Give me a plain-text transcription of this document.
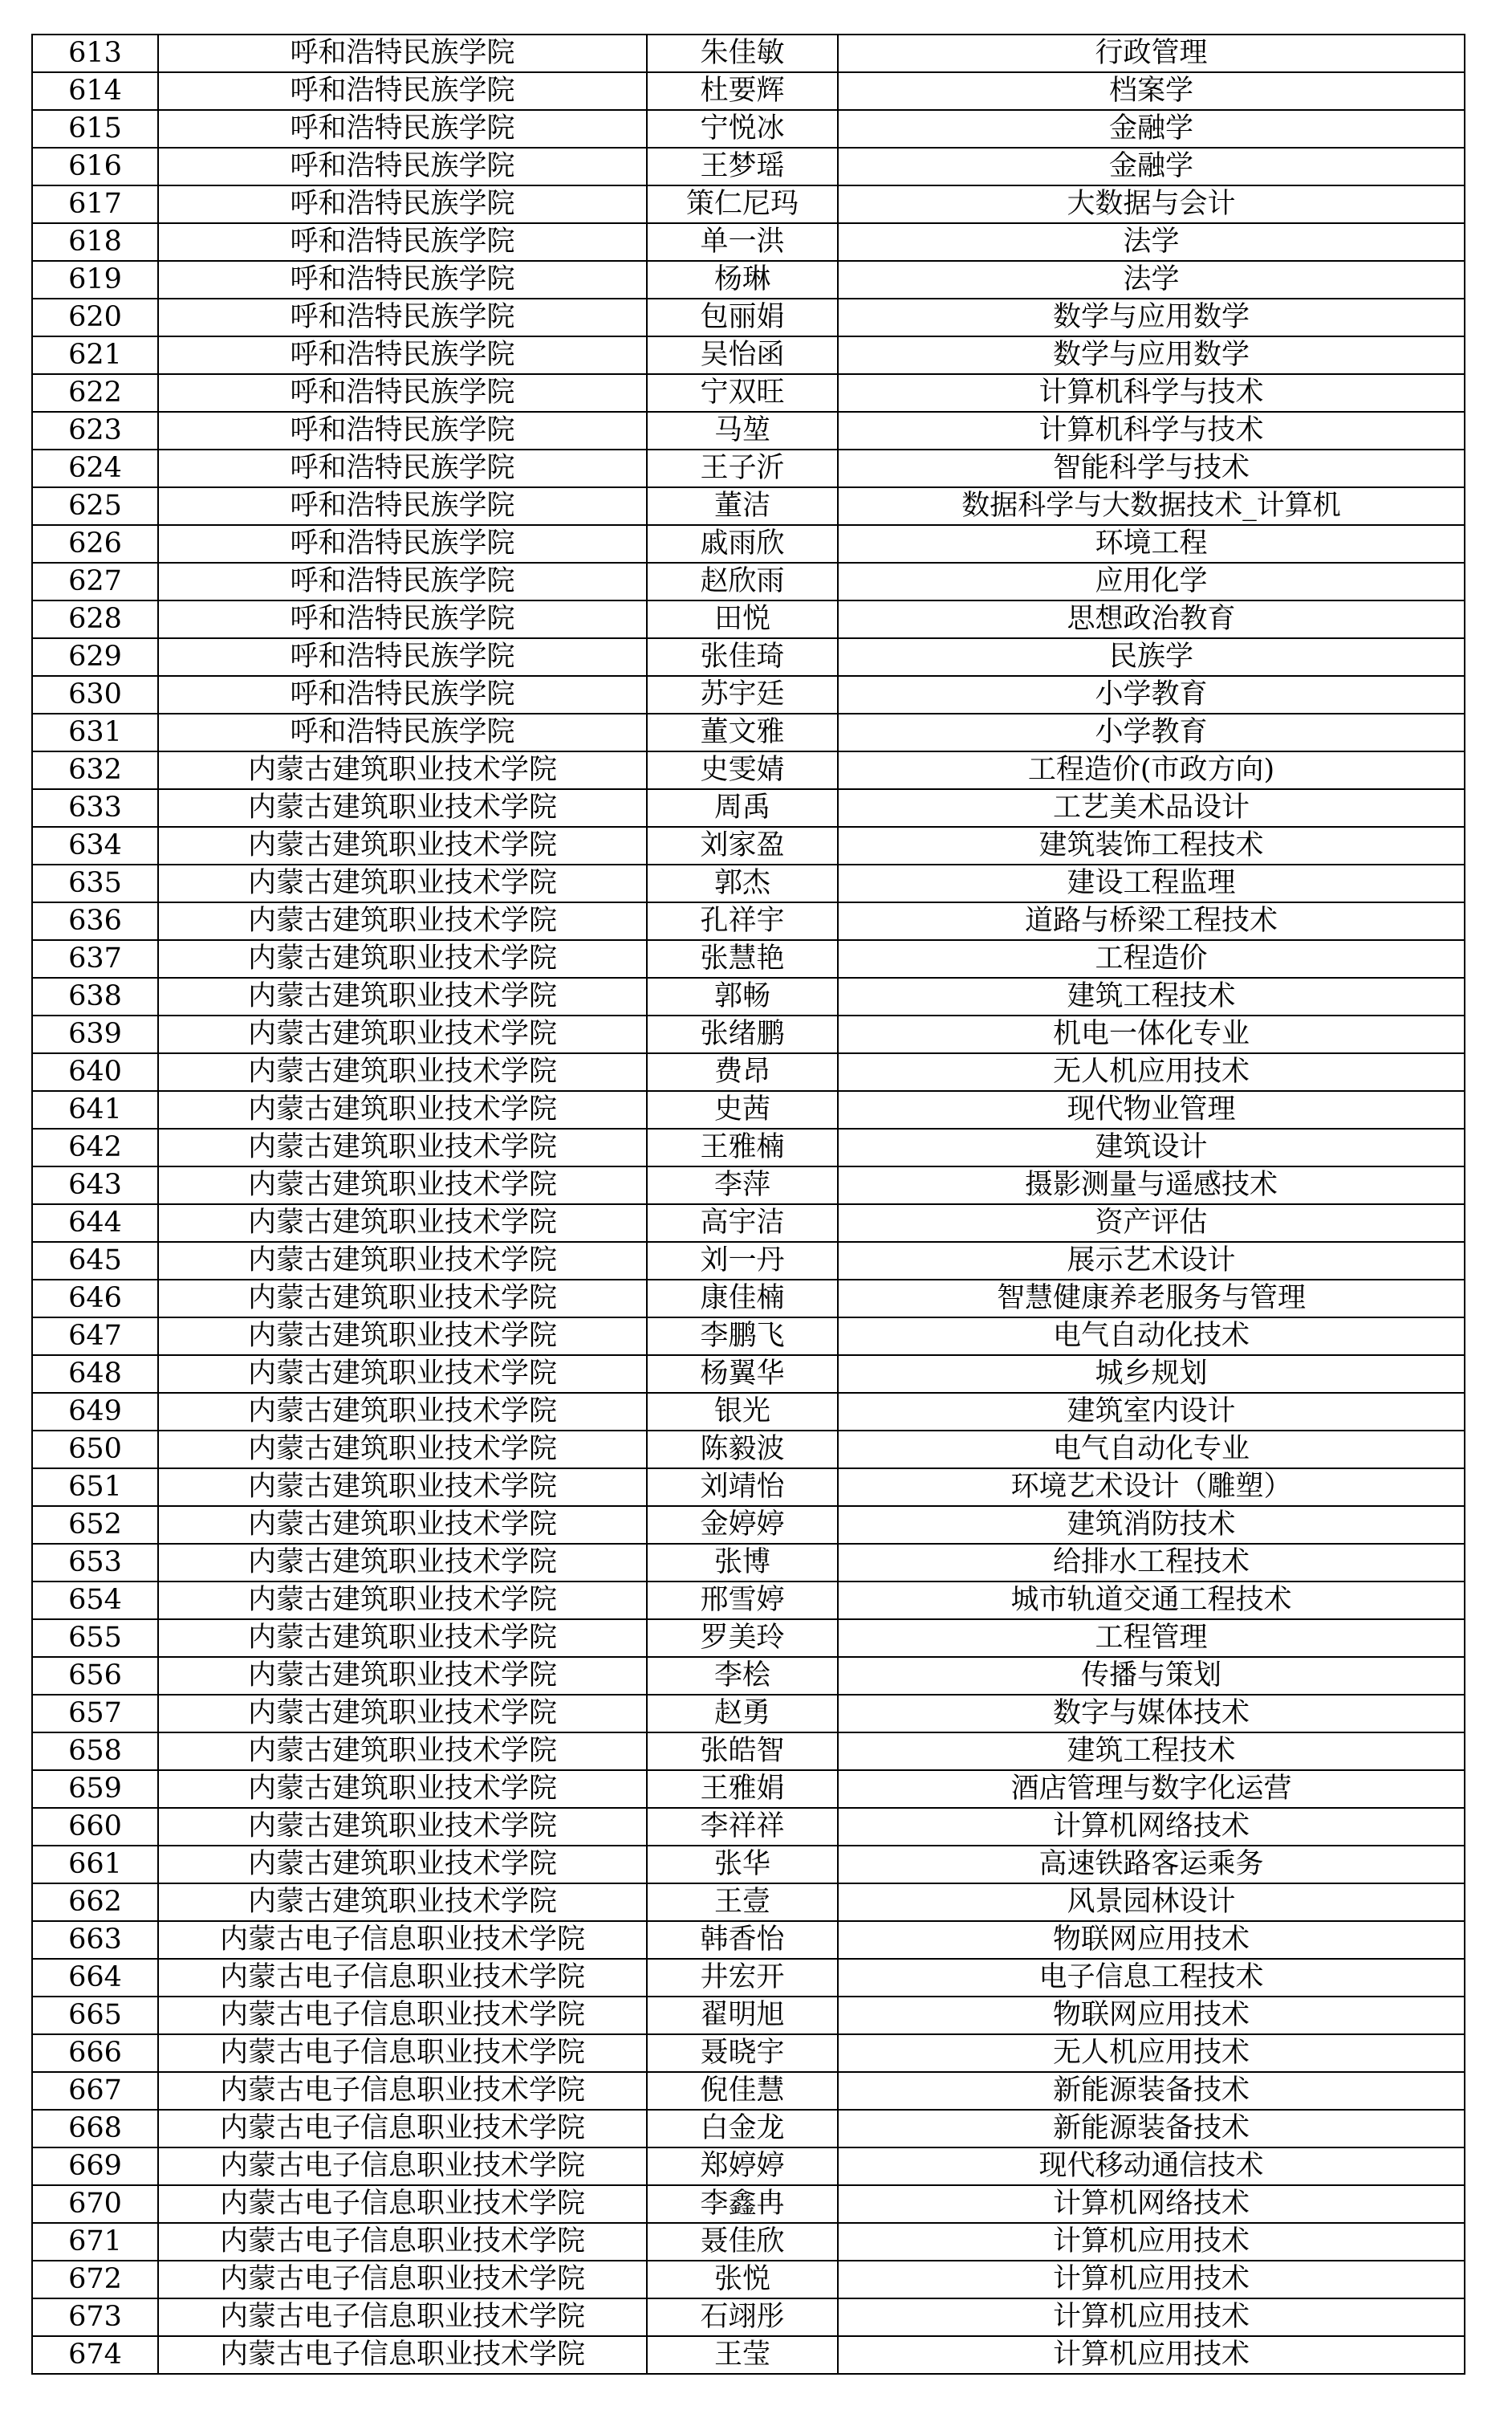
613	呼和浩特民族学院	朱佳敏	行政管理
614	呼和浩特民族学院	杜要辉	档案学
615	呼和浩特民族学院	宁悦冰	金融学
616	呼和浩特民族学院	王梦瑶	金融学
617	呼和浩特民族学院	策仁尼玛	大数据与会计
618	呼和浩特民族学院	单一洪	法学
619	呼和浩特民族学院	杨琳	法学
620	呼和浩特民族学院	包丽娟	数学与应用数学
621	呼和浩特民族学院	吴怡函	数学与应用数学
622	呼和浩特民族学院	宁双旺	计算机科学与技术
623	呼和浩特民族学院	马堃	计算机科学与技术
624	呼和浩特民族学院	王子沂	智能科学与技术
625	呼和浩特民族学院	董洁	数据科学与大数据技术_计算机
626	呼和浩特民族学院	戚雨欣	环境工程
627	呼和浩特民族学院	赵欣雨	应用化学
628	呼和浩特民族学院	田悦	思想政治教育
629	呼和浩特民族学院	张佳琦	民族学
630	呼和浩特民族学院	苏宇廷	小学教育
631	呼和浩特民族学院	董文雅	小学教育
632	内蒙古建筑职业技术学院	史雯婧	工程造价(市政方向)
633	内蒙古建筑职业技术学院	周禹	工艺美术品设计
634	内蒙古建筑职业技术学院	刘家盈	建筑装饰工程技术
635	内蒙古建筑职业技术学院	郭杰	建设工程监理
636	内蒙古建筑职业技术学院	孔祥宇	道路与桥梁工程技术
637	内蒙古建筑职业技术学院	张慧艳	工程造价
638	内蒙古建筑职业技术学院	郭畅	建筑工程技术
639	内蒙古建筑职业技术学院	张绪鹏	机电一体化专业
640	内蒙古建筑职业技术学院	费昂	无人机应用技术
641	内蒙古建筑职业技术学院	史茜	现代物业管理
642	内蒙古建筑职业技术学院	王雅楠	建筑设计
643	内蒙古建筑职业技术学院	李萍	摄影测量与遥感技术
644	内蒙古建筑职业技术学院	高宇洁	资产评估
645	内蒙古建筑职业技术学院	刘一丹	展示艺术设计
646	内蒙古建筑职业技术学院	康佳楠	智慧健康养老服务与管理
647	内蒙古建筑职业技术学院	李鹏飞	电气自动化技术
648	内蒙古建筑职业技术学院	杨翼华	城乡规划
649	内蒙古建筑职业技术学院	银光	建筑室内设计
650	内蒙古建筑职业技术学院	陈毅波	电气自动化专业
651	内蒙古建筑职业技术学院	刘靖怡	环境艺术设计（雕塑）
652	内蒙古建筑职业技术学院	金婷婷	建筑消防技术
653	内蒙古建筑职业技术学院	张博	给排水工程技术
654	内蒙古建筑职业技术学院	邢雪婷	城市轨道交通工程技术
655	内蒙古建筑职业技术学院	罗美玲	工程管理
656	内蒙古建筑职业技术学院	李桧	传播与策划
657	内蒙古建筑职业技术学院	赵勇	数字与媒体技术
658	内蒙古建筑职业技术学院	张皓智	建筑工程技术
659	内蒙古建筑职业技术学院	王雅娟	酒店管理与数字化运营
660	内蒙古建筑职业技术学院	李祥祥	计算机网络技术
661	内蒙古建筑职业技术学院	张华	高速铁路客运乘务
662	内蒙古建筑职业技术学院	王壹	风景园林设计
663	内蒙古电子信息职业技术学院	韩香怡	物联网应用技术
664	内蒙古电子信息职业技术学院	井宏开	电子信息工程技术
665	内蒙古电子信息职业技术学院	翟明旭	物联网应用技术
666	内蒙古电子信息职业技术学院	聂晓宇	无人机应用技术
667	内蒙古电子信息职业技术学院	倪佳慧	新能源装备技术
668	内蒙古电子信息职业技术学院	白金龙	新能源装备技术
669	内蒙古电子信息职业技术学院	郑婷婷	现代移动通信技术
670	内蒙古电子信息职业技术学院	李鑫冉	计算机网络技术
671	内蒙古电子信息职业技术学院	聂佳欣	计算机应用技术
672	内蒙古电子信息职业技术学院	张悦	计算机应用技术
673	内蒙古电子信息职业技术学院	石翊彤	计算机应用技术
674	内蒙古电子信息职业技术学院	王莹	计算机应用技术
